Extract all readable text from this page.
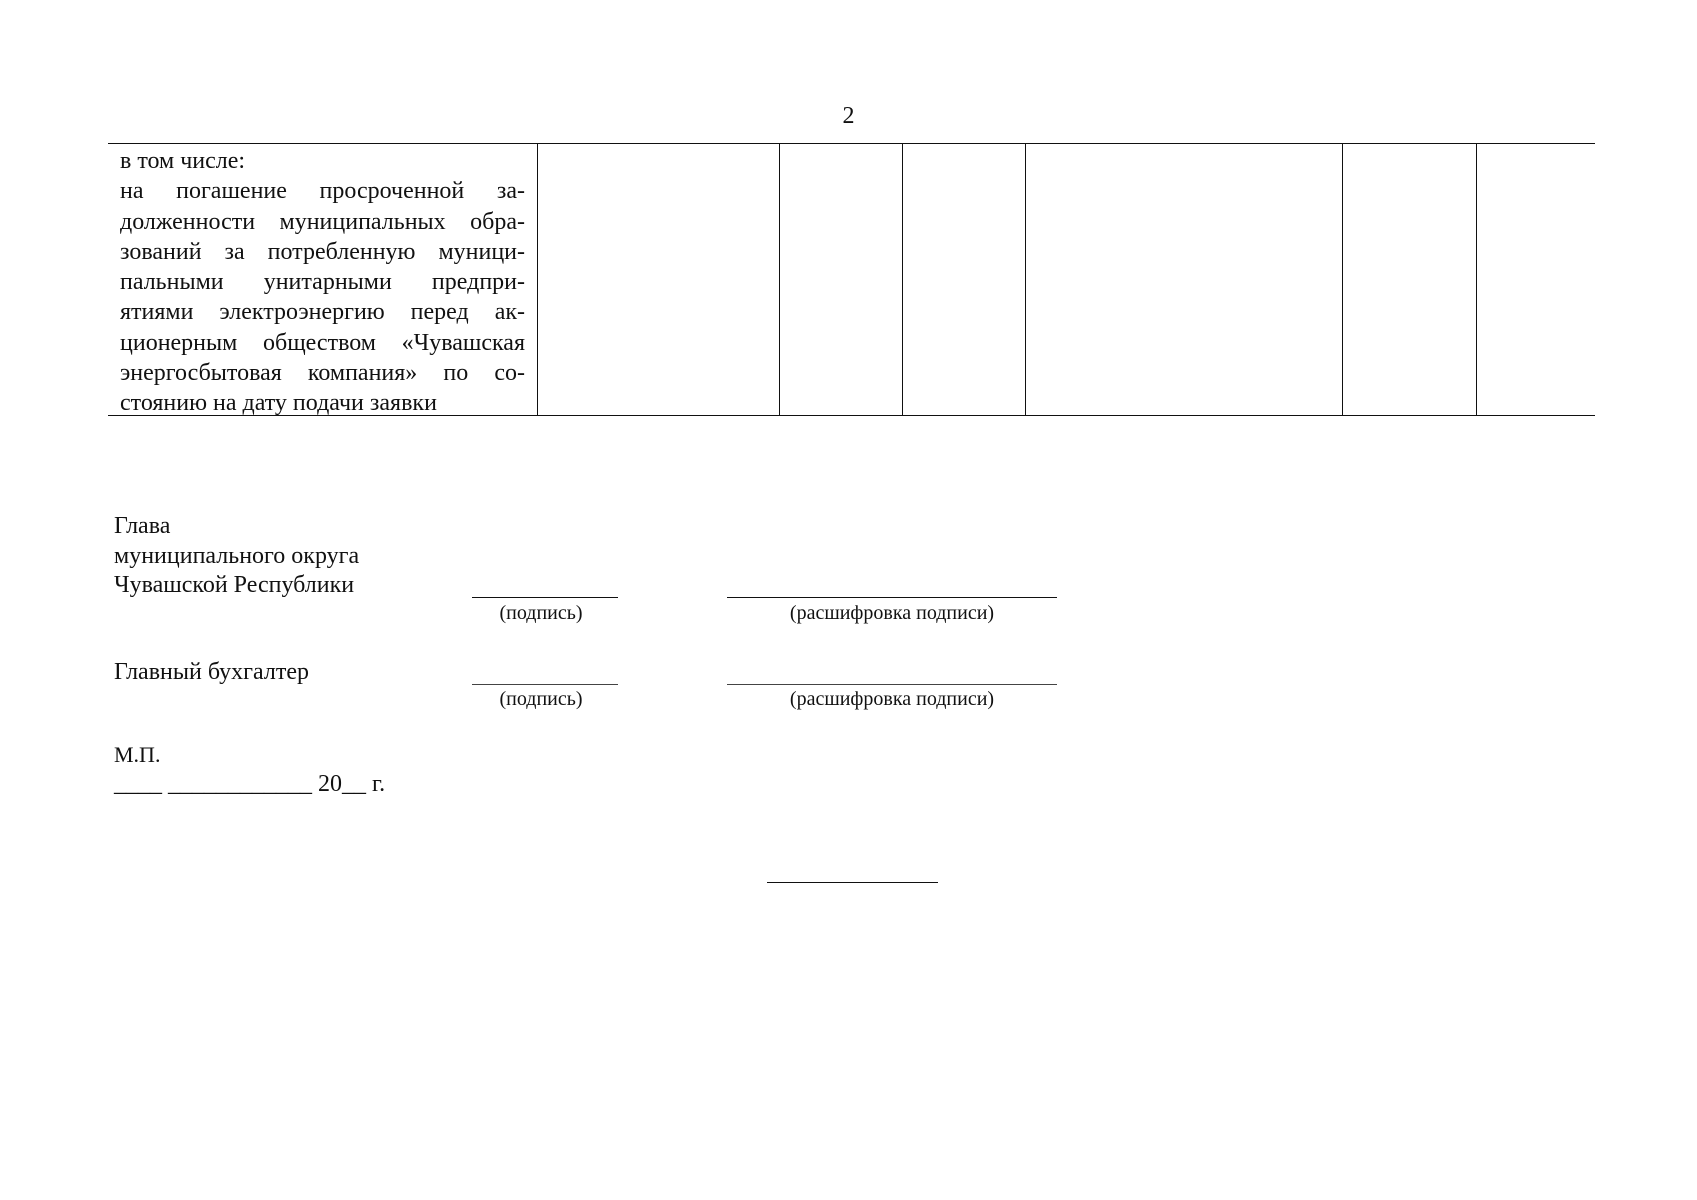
2
в том числе:
на погашение просроченной за-
долженности муниципальных обра-
зований за потребленную муници-
пальными унитарными предпри-
ятиями электроэнергию перед ак-
ционерным обществом «Чувашская
энергосбытовая компания» по со-
стоянию на дату подачи заявки
Глава
муниципального округа
Чувашской Республики
(подпись)	(расшифровка подписи)
Главный бухгалтер
(подпись)	(расшифровка подписи)
М.П.
____ ____________ 20__ г.
